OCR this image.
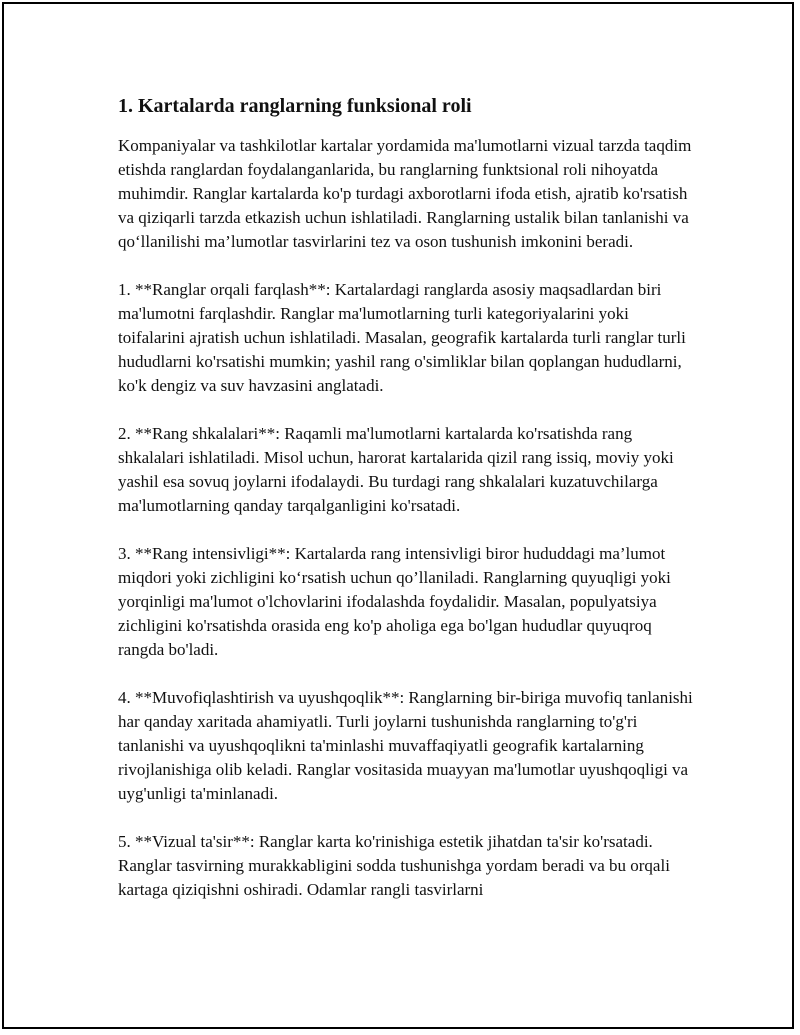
1. Kartalarda ranglarning funksional roli

Kompaniyalar va tashkilotlar kartalar yordamida ma'lumotlarni vizual tarzda taqdim etishda ranglardan foydalanganlarida, bu ranglarning funktsional roli nihoyatda muhimdir. Ranglar kartalarda ko'p turdagi axborotlarni ifoda etish, ajratib ko'rsatish va qiziqarli tarzda etkazish uchun ishlatiladi. Ranglarning ustalik bilan tanlanishi va qo‘llanilishi ma’lumotlar tasvirlarini tez va oson tushunish imkonini beradi.

1. **Ranglar orqali farqlash**: Kartalardagi ranglarda asosiy maqsadlardan biri ma'lumotni farqlashdir. Ranglar ma'lumotlarning turli kategoriyalarini yoki toifalarini ajratish uchun ishlatiladi. Masalan, geografik kartalarda turli ranglar turli hududlarni ko'rsatishi mumkin; yashil rang o'simliklar bilan qoplangan hududlarni, ko'k dengiz va suv havzasini anglatadi.

2. **Rang shkalalari**: Raqamli ma'lumotlarni kartalarda ko'rsatishda rang shkalalari ishlatiladi. Misol uchun, harorat kartalarida qizil rang issiq, moviy yoki yashil esa sovuq joylarni ifodalaydi. Bu turdagi rang shkalalari kuzatuvchilarga ma'lumotlarning qanday tarqalganligini ko'rsatadi.

3. **Rang intensivligi**: Kartalarda rang intensivligi biror hududdagi ma’lumot miqdori yoki zichligini ko‘rsatish uchun qo’llaniladi. Ranglarning quyuqligi yoki yorqinligi ma'lumot o'lchovlarini ifodalashda foydalidir. Masalan, populyatsiya zichligini ko'rsatishda orasida eng ko'p aholiga ega bo'lgan hududlar quyuqroq rangda bo'ladi.

4. **Muvofiqlashtirish va uyushqoqlik**: Ranglarning bir-biriga muvofiq tanlanishi har qanday xaritada ahamiyatli. Turli joylarni tushunishda ranglarning to'g'ri tanlanishi va uyushqoqlikni ta'minlashi muvaffaqiyatli geografik kartalarning rivojlanishiga olib keladi. Ranglar vositasida muayyan ma'lumotlar uyushqoqligi va uyg'unligi ta'minlanadi.

5. **Vizual ta'sir**: Ranglar karta ko'rinishiga estetik jihatdan ta'sir ko'rsatadi. Ranglar tasvirning murakkabligini sodda tushunishga yordam beradi va bu orqali kartaga qiziqishni oshiradi. Odamlar rangli tasvirlarni
